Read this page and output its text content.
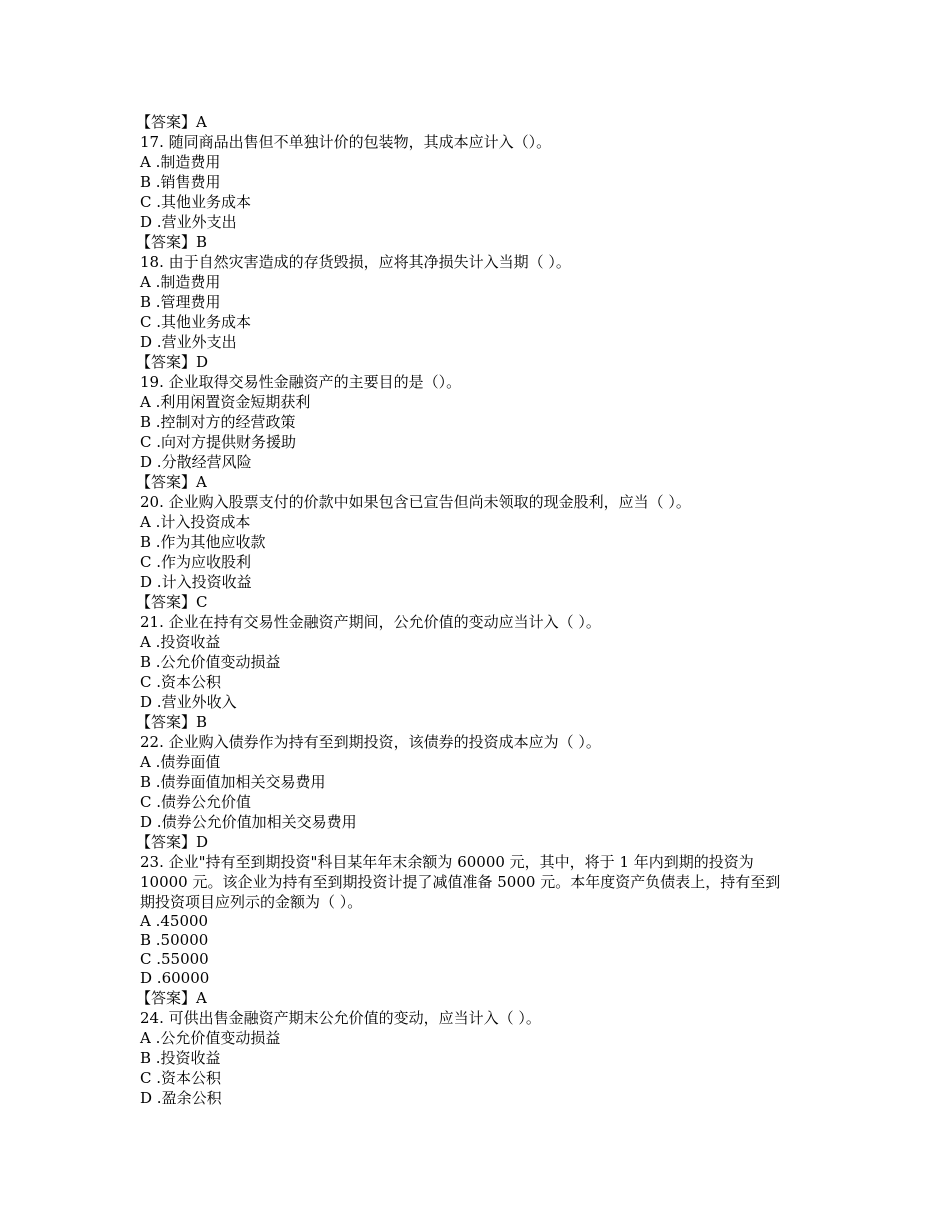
【答案】A
17. 随同商品出售但不单独计价的包装物，其成本应计入（）。
A .制造费用
B .销售费用
C .其他业务成本
D .营业外支出
【答案】B
18. 由于自然灾害造成的存货毁损，应将其净损失计入当期（ ）。
A .制造费用
B .管理费用
C .其他业务成本
D .营业外支出
【答案】D
19. 企业取得交易性金融资产的主要目的是（）。
A .利用闲置资金短期获利
B .控制对方的经营政策
C .向对方提供财务援助
D .分散经营风险
【答案】A
20. 企业购入股票支付的价款中如果包含已宣告但尚未领取的现金股利，应当（ ）。
A .计入投资成本
B .作为其他应收款
C .作为应收股利
D .计入投资收益
【答案】C
21. 企业在持有交易性金融资产期间，公允价值的变动应当计入（ ）。
A .投资收益
B .公允价值变动损益
C .资本公积
D .营业外收入
【答案】B
22. 企业购入债券作为持有至到期投资，该债券的投资成本应为（ ）。
A .债券面值
B .债券面值加相关交易费用
C .债券公允价值
D .债券公允价值加相关交易费用
【答案】D
23. 企业"持有至到期投资"科目某年年末余额为 60000 元，其中，将于 1 年内到期的投资为
10000 元。该企业为持有至到期投资计提了减值准备 5000 元。本年度资产负债表上，持有至到
期投资项目应列示的金额为（ ）。
A .45000
B .50000
C .55000
D .60000
【答案】A
24. 可供出售金融资产期末公允价值的变动，应当计入（ ）。
A .公允价值变动损益
B .投资收益
C .资本公积
D .盈余公积
